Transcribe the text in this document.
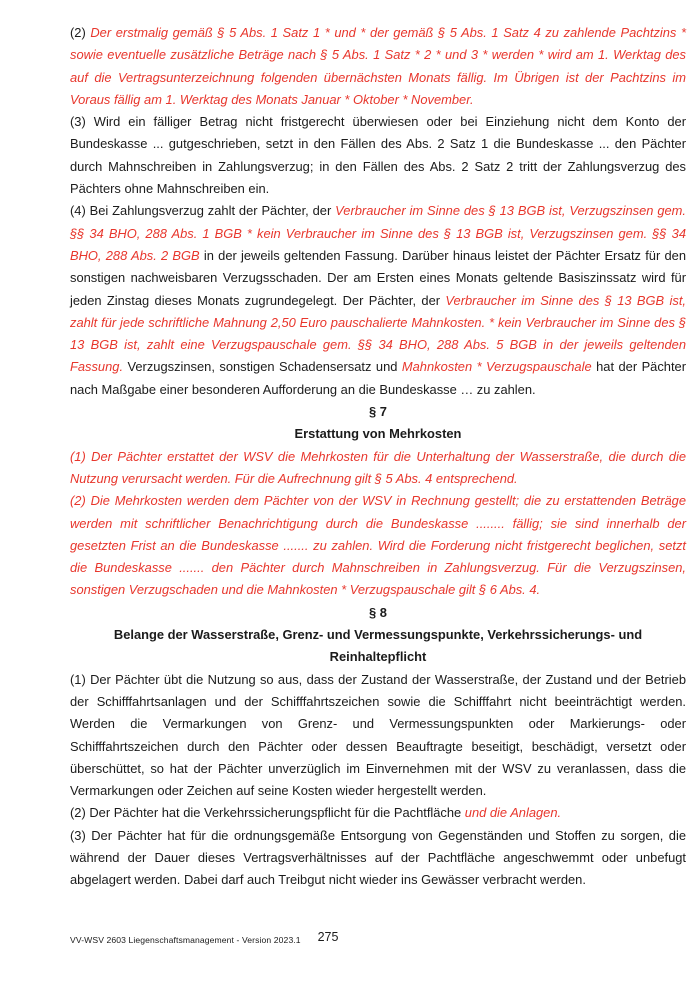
(2) Der erstmalig gemäß § 5 Abs. 1 Satz 1 * und * der gemäß § 5 Abs. 1 Satz 4 zu zahlende Pachtzins * sowie eventuelle zusätzliche Beträge nach § 5 Abs. 1 Satz * 2 * und 3 * werden * wird am 1. Werktag des auf die Vertragsunterzeichnung folgenden übernächsten Monats fällig. Im Übrigen ist der Pachtzins im Voraus fällig am 1. Werktag des Monats Januar * Oktober * November.

(3) Wird ein fälliger Betrag nicht fristgerecht überwiesen oder bei Einziehung nicht dem Konto der Bundeskasse ... gutgeschrieben, setzt in den Fällen des Abs. 2 Satz 1 die Bundeskasse ... den Pächter durch Mahnschreiben in Zahlungsverzug; in den Fällen des Abs. 2 Satz 2 tritt der Zahlungsverzug des Pächters ohne Mahnschreiben ein.

(4) Bei Zahlungsverzug zahlt der Pächter, der Verbraucher im Sinne des § 13 BGB ist, Verzugszinsen gem. §§ 34 BHO, 288 Abs. 1 BGB * kein Verbraucher im Sinne des § 13 BGB ist, Verzugszinsen gem. §§ 34 BHO, 288 Abs. 2 BGB in der jeweils geltenden Fassung. Darüber hinaus leistet der Pächter Ersatz für den sonstigen nachweisbaren Verzugsschaden. Der am Ersten eines Monats geltende Basiszinssatz wird für jeden Zinstag dieses Monats zugrundegelegt. Der Pächter, der Verbraucher im Sinne des § 13 BGB ist, zahlt für jede schriftliche Mahnung 2,50 Euro pauschalierte Mahnkosten. * kein Verbraucher im Sinne des § 13 BGB ist, zahlt eine Verzugspauschale gem. §§ 34 BHO, 288 Abs. 5 BGB in der jeweils geltenden Fassung. Verzugszinsen, sonstigen Schadensersatz und Mahnkosten * Verzugspauschale hat der Pächter nach Maßgabe einer besonderen Aufforderung an die Bundeskasse … zu zahlen.

§ 7
Erstattung von Mehrkosten

(1) Der Pächter erstattet der WSV die Mehrkosten für die Unterhaltung der Wasserstraße, die durch die Nutzung verursacht werden. Für die Aufrechnung gilt § 5 Abs. 4 entsprechend.

(2) Die Mehrkosten werden dem Pächter von der WSV in Rechnung gestellt; die zu erstattenden Beträge werden mit schriftlicher Benachrichtigung durch die Bundeskasse ........ fällig; sie sind innerhalb der gesetzten Frist an die Bundeskasse ....... zu zahlen. Wird die Forderung nicht fristgerecht beglichen, setzt die Bundeskasse ....... den Pächter durch Mahnschreiben in Zahlungsverzug. Für die Verzugszinsen, sonstigen Verzugschaden und die Mahnkosten * Verzugspauschale gilt § 6 Abs. 4.

§ 8
Belange der Wasserstraße, Grenz- und Vermessungspunkte, Verkehrssicherungs- und Reinhaltepflicht

(1) Der Pächter übt die Nutzung so aus, dass der Zustand der Wasserstraße, der Zustand und der Betrieb der Schifffahrtsanlagen und der Schifffahrtszeichen sowie die Schifffahrt nicht beeinträchtigt werden. Werden die Vermarkungen von Grenz- und Vermessungspunkten oder Markierungs- oder Schifffahrtszeichen durch den Pächter oder dessen Beauftragte beseitigt, beschädigt, versetzt oder überschüttet, so hat der Pächter unverzüglich im Einvernehmen mit der WSV zu veranlassen, dass die Vermarkungen oder Zeichen auf seine Kosten wieder hergestellt werden.

(2) Der Pächter hat die Verkehrssicherungspflicht für die Pachtfläche und die Anlagen.

(3) Der Pächter hat für die ordnungsgemäße Entsorgung von Gegenständen und Stoffen zu sorgen, die während der Dauer dieses Vertragsverhältnisses auf der Pachtfläche angeschwemmt oder unbefugt abgelagert werden. Dabei darf auch Treibgut nicht wieder ins Gewässer verbracht werden.

VV-WSV 2603 Liegenschaftsmanagement - Version 2023.1	275
